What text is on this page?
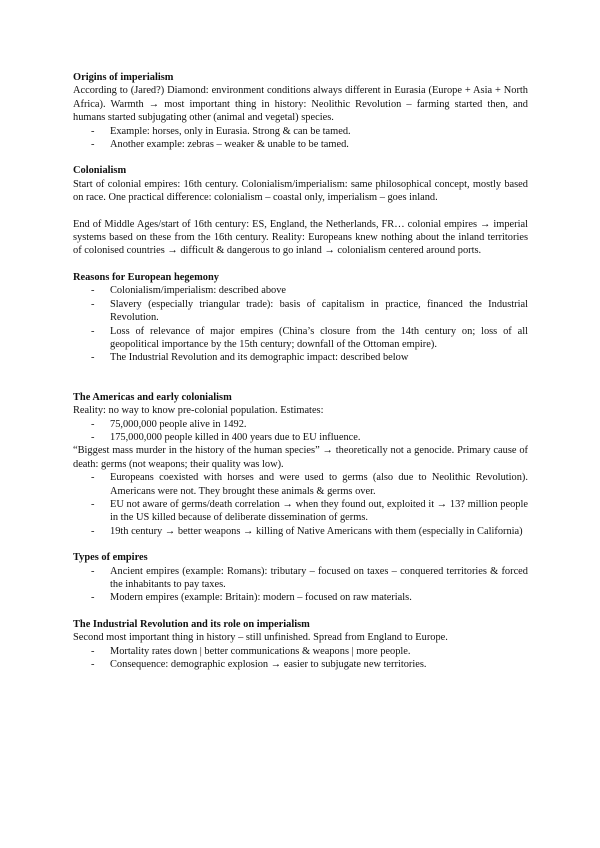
Origins of imperialism

According to (Jared?) Diamond: environment conditions always different in Eurasia (Europe + Asia + North Africa). Warmth → most important thing in history: Neolithic Revolution – farming started then, and humans started subjugating other (animal and vegetal) species.

- Example: horses, only in Eurasia. Strong & can be tamed.
- Another example: zebras – weaker & unable to be tamed.
Colonialism

Start of colonial empires: 16th century. Colonialism/imperialism: same philosophical concept, mostly based on race. One practical difference: colonialism – coastal only, imperialism – goes inland.

End of Middle Ages/start of 16th century: ES, England, the Netherlands, FR… colonial empires → imperial systems based on these from the 16th century. Reality: Europeans knew nothing about the inland territories of colonised countries → difficult & dangerous to go inland → colonialism centered around ports.

Reasons for European hegemony
- Colonialism/imperialism: described above
- Slavery (especially triangular trade): basis of capitalism in practice, financed the Industrial Revolution.
- Loss of relevance of major empires (China’s closure from the 14th century on; loss of all geopolitical importance by the 15th century; downfall of the Ottoman empire).
- The Industrial Revolution and its demographic impact: described below
The Americas and early colonialism

Reality: no way to know pre-colonial population. Estimates:

- 75,000,000 people alive in 1492.
- 175,000,000 people killed in 400 years due to EU influence.

“Biggest mass murder in the history of the human species” → theoretically not a genocide. Primary cause of death: germs (not weapons; their quality was low).

- Europeans coexisted with horses and were used to germs (also due to Neolithic Revolution). Americans were not. They brought these animals & germs over.
- EU not aware of germs/death correlation → when they found out, exploited it → 13? million people in the US killed because of deliberate dissemination of germs.
- 19th century → better weapons → killing of Native Americans with them (especially in California)
Types of empires
- Ancient empires (example: Romans): tributary – focused on taxes – conquered territories & forced the inhabitants to pay taxes.
- Modern empires (example: Britain): modern – focused on raw materials.
The Industrial Revolution and its role on imperialism

Second most important thing in history – still unfinished. Spread from England to Europe.

- Mortality rates down | better communications & weapons | more people.
- Consequence: demographic explosion → easier to subjugate new territories.
